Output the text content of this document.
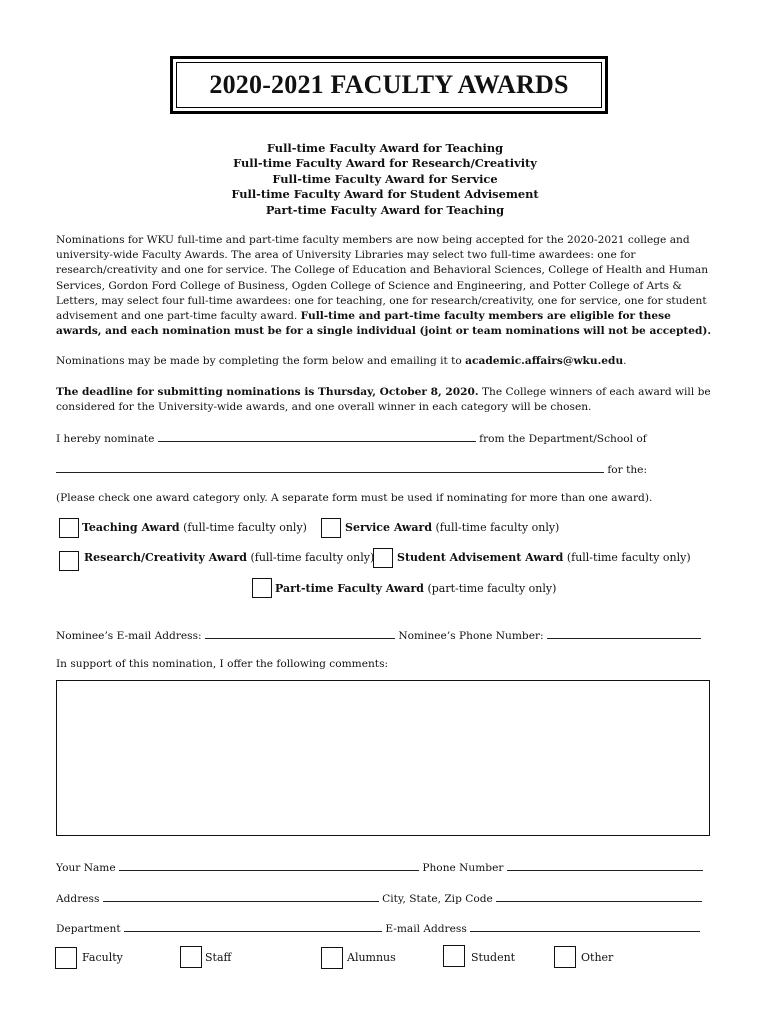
2020-2021 FACULTY AWARDS
Full-time Faculty Award for Teaching
Full-time Faculty Award for Research/Creativity
Full-time Faculty Award for Service
Full-time Faculty Award for Student Advisement
Part-time Faculty Award for Teaching
Nominations for WKU full-time and part-time faculty members are now being accepted for the 2020-2021 college and university-wide Faculty Awards. The area of University Libraries may select two full-time awardees: one for research/creativity and one for service. The College of Education and Behavioral Sciences, College of Health and Human Services, Gordon Ford College of Business, Ogden College of Science and Engineering, and Potter College of Arts & Letters, may select four full-time awardees: one for teaching, one for research/creativity, one for service, one for student advisement and one part-time faculty award. Full-time and part-time faculty members are eligible for these awards, and each nomination must be for a single individual (joint or team nominations will not be accepted).
Nominations may be made by completing the form below and emailing it to academic.affairs@wku.edu.
The deadline for submitting nominations is Thursday, October 8, 2020. The College winners of each award will be considered for the University-wide awards, and one overall winner in each category will be chosen.
I hereby nominate	from the Department/School of
for the:
(Please check one award category only. A separate form must be used if nominating for more than one award).
Teaching Award (full-time faculty only)	Service Award (full-time faculty only)
Research/Creativity Award (full-time faculty only) Student Advisement Award (full-time faculty only)
Part-time Faculty Award (part-time faculty only)
Nominee’s E-mail Address:	Nominee’s Phone Number:
In support of this nomination, I offer the following comments:
Your Name	Phone Number
Address	City, State, Zip Code
Department	E-mail Address
Faculty	Staff	Alumnus	Student	Other
